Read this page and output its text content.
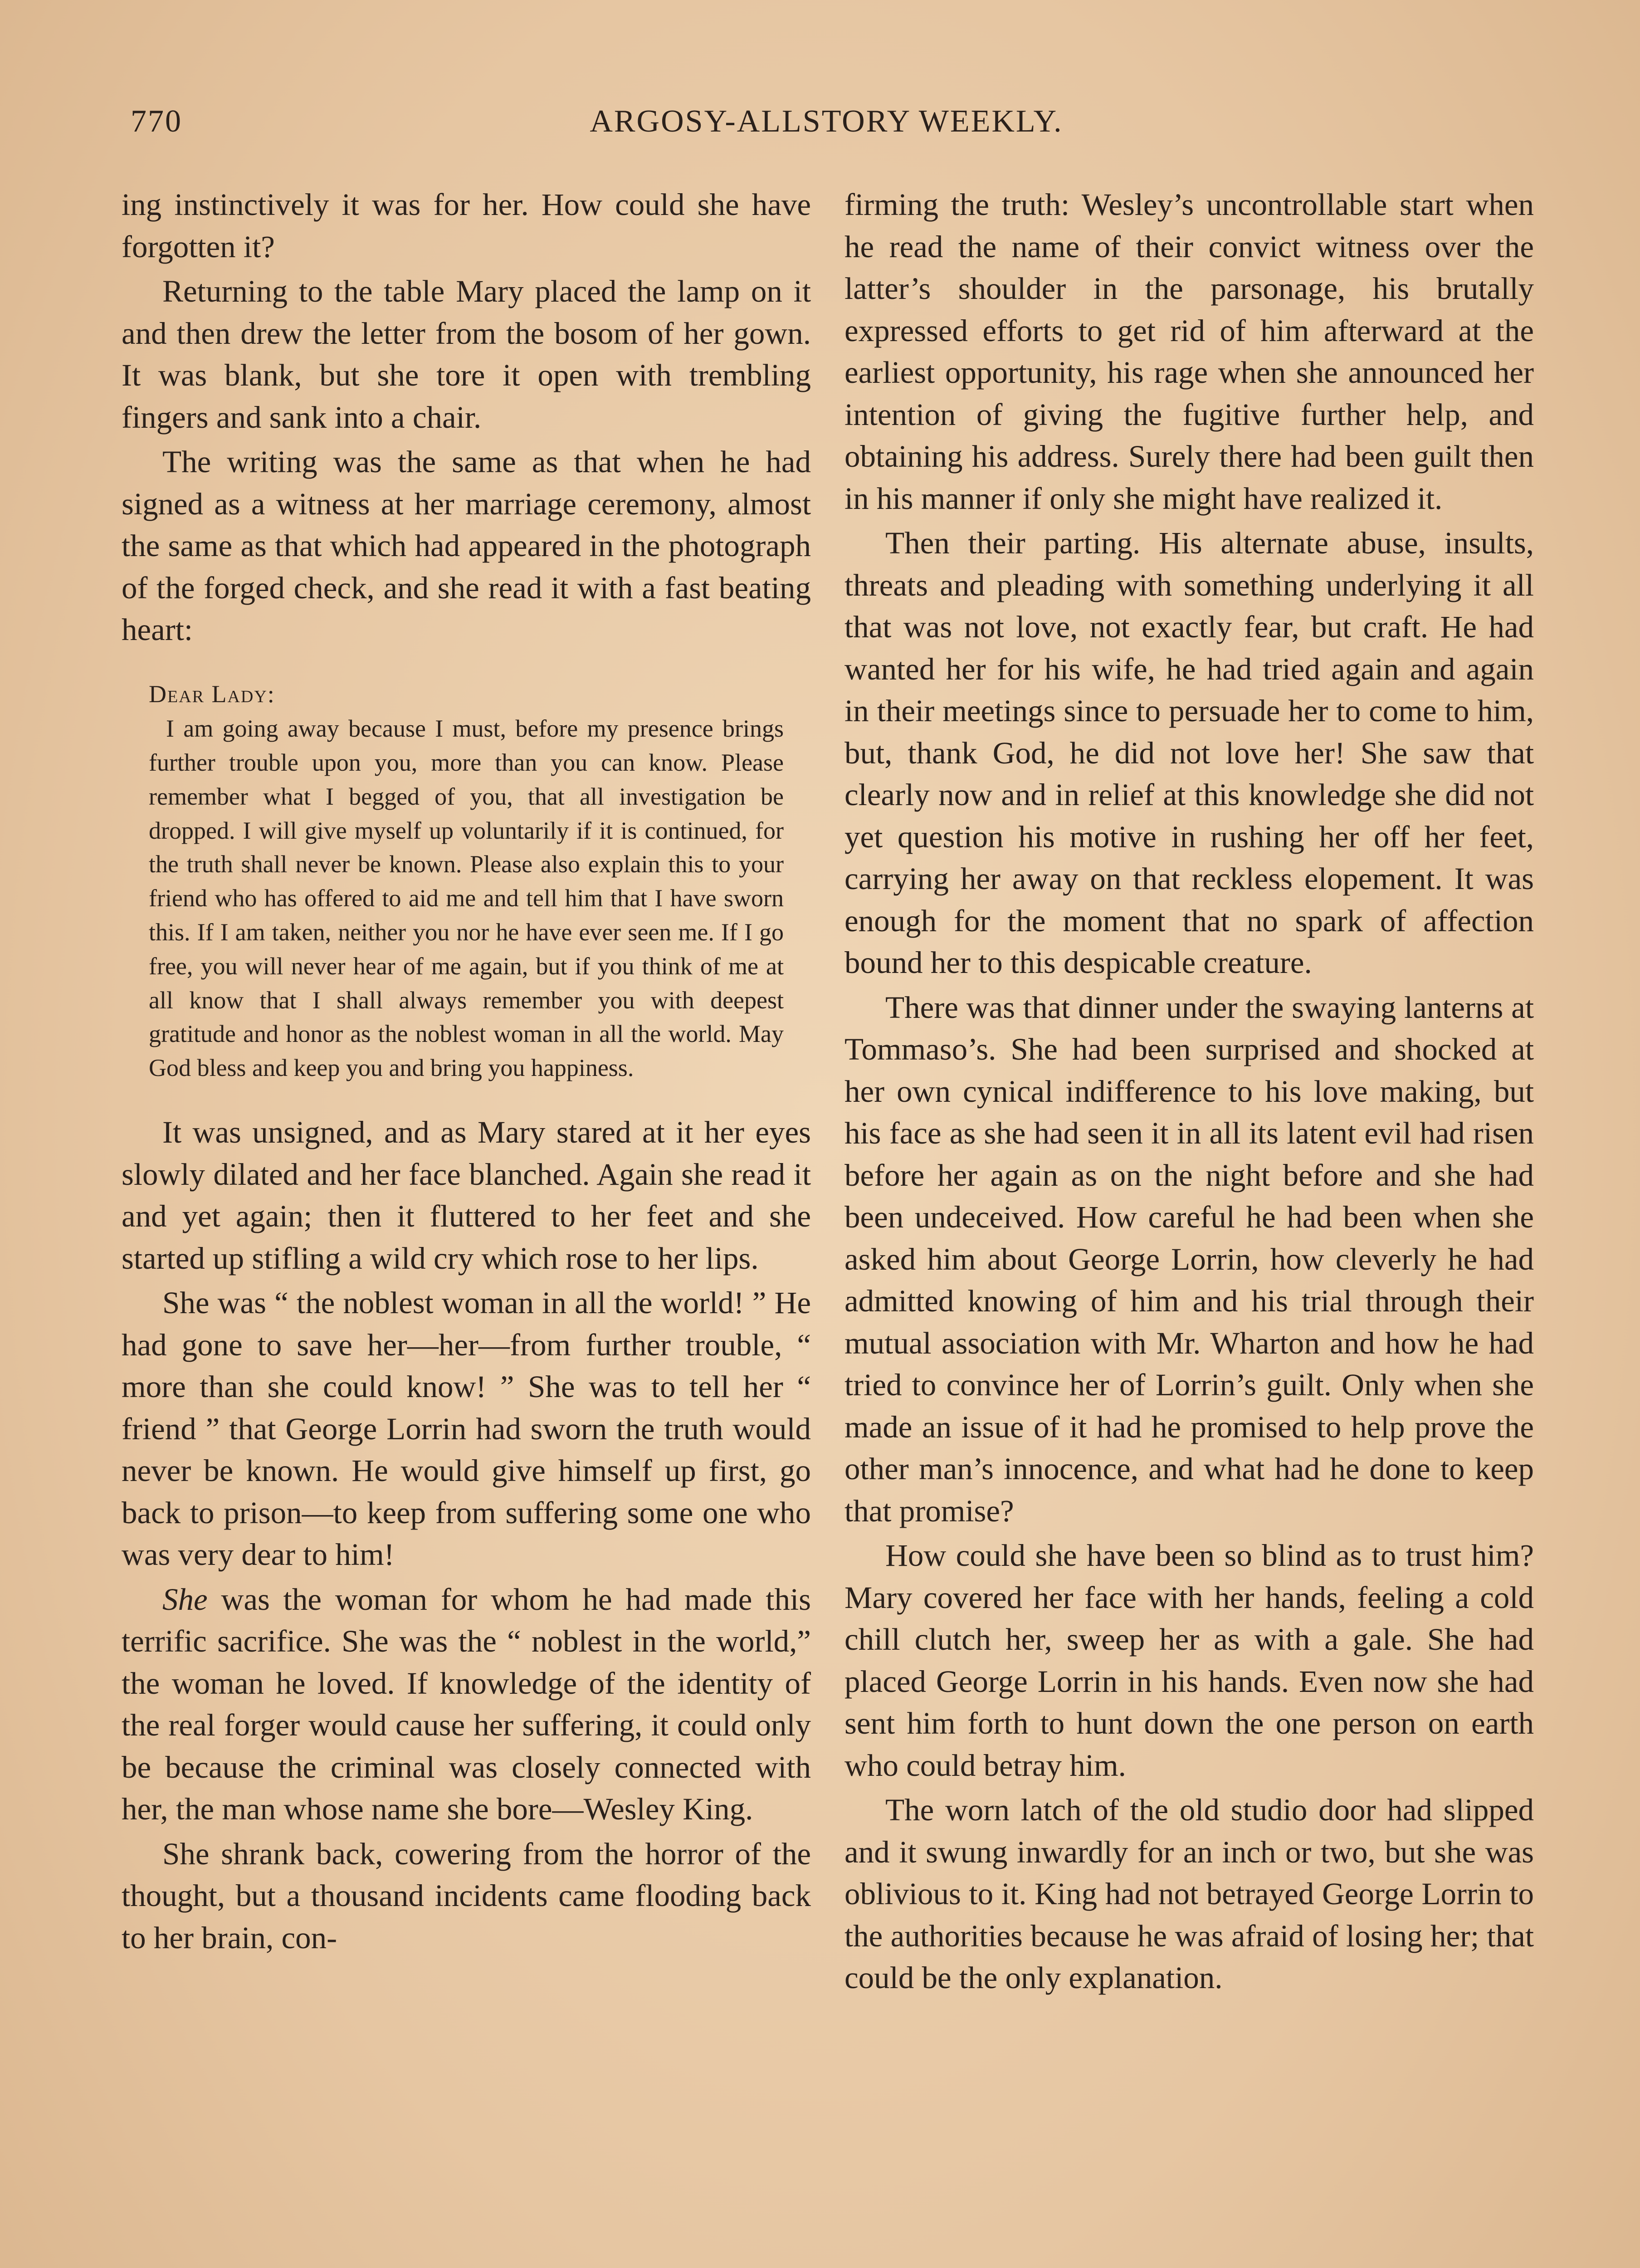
770	ARGOSY-ALLSTORY WEEKLY.

ing instinctively it was for her. How could she have forgotten it?

Returning to the table Mary placed the lamp on it and then drew the letter from the bosom of her gown. It was blank, but she tore it open with trembling fingers and sank into a chair.

The writing was the same as that when he had signed as a witness at her marriage ceremony, almost the same as that which had appeared in the photograph of the forged check, and she read it with a fast beating heart:

Dear Lady:
I am going away because I must, before my presence brings further trouble upon you, more than you can know. Please remember what I begged of you, that all investigation be dropped. I will give myself up voluntarily if it is continued, for the truth shall never be known. Please also explain this to your friend who has offered to aid me and tell him that I have sworn this. If I am taken, neither you nor he have ever seen me. If I go free, you will never hear of me again, but if you think of me at all know that I shall always remember you with deepest gratitude and honor as the noblest woman in all the world. May God bless and keep you and bring you happiness.

It was unsigned, and as Mary stared at it her eyes slowly dilated and her face blanched. Again she read it and yet again; then it fluttered to her feet and she started up stifling a wild cry which rose to her lips.

She was “ the noblest woman in all the world! ” He had gone to save her—her—from further trouble, “ more than she could know! ” She was to tell her “ friend ” that George Lorrin had sworn the truth would never be known. He would give himself up first, go back to prison—to keep from suffering some one who was very dear to him!

She was the woman for whom he had made this terrific sacrifice. She was the “ noblest in the world,” the woman he loved. If knowledge of the identity of the real forger would cause her suffering, it could only be because the criminal was closely connected with her, the man whose name she bore—Wesley King.

She shrank back, cowering from the horror of the thought, but a thousand incidents came flooding back to her brain, con-

firming the truth: Wesley’s uncontrollable start when he read the name of their convict witness over the latter’s shoulder in the parsonage, his brutally expressed efforts to get rid of him afterward at the earliest opportunity, his rage when she announced her intention of giving the fugitive further help, and obtaining his address. Surely there had been guilt then in his manner if only she might have realized it.

Then their parting. His alternate abuse, insults, threats and pleading with something underlying it all that was not love, not exactly fear, but craft. He had wanted her for his wife, he had tried again and again in their meetings since to persuade her to come to him, but, thank God, he did not love her! She saw that clearly now and in relief at this knowledge she did not yet question his motive in rushing her off her feet, carrying her away on that reckless elopement. It was enough for the moment that no spark of affection bound her to this despicable creature.

There was that dinner under the swaying lanterns at Tommaso’s. She had been surprised and shocked at her own cynical indifference to his love making, but his face as she had seen it in all its latent evil had risen before her again as on the night before and she had been undeceived. How careful he had been when she asked him about George Lorrin, how cleverly he had admitted knowing of him and his trial through their mutual association with Mr. Wharton and how he had tried to convince her of Lorrin’s guilt. Only when she made an issue of it had he promised to help prove the other man’s innocence, and what had he done to keep that promise?

How could she have been so blind as to trust him? Mary covered her face with her hands, feeling a cold chill clutch her, sweep her as with a gale. She had placed George Lorrin in his hands. Even now she had sent him forth to hunt down the one person on earth who could betray him.

The worn latch of the old studio door had slipped and it swung inwardly for an inch or two, but she was oblivious to it. King had not betrayed George Lorrin to the authorities because he was afraid of losing her; that could be the only explanation.
